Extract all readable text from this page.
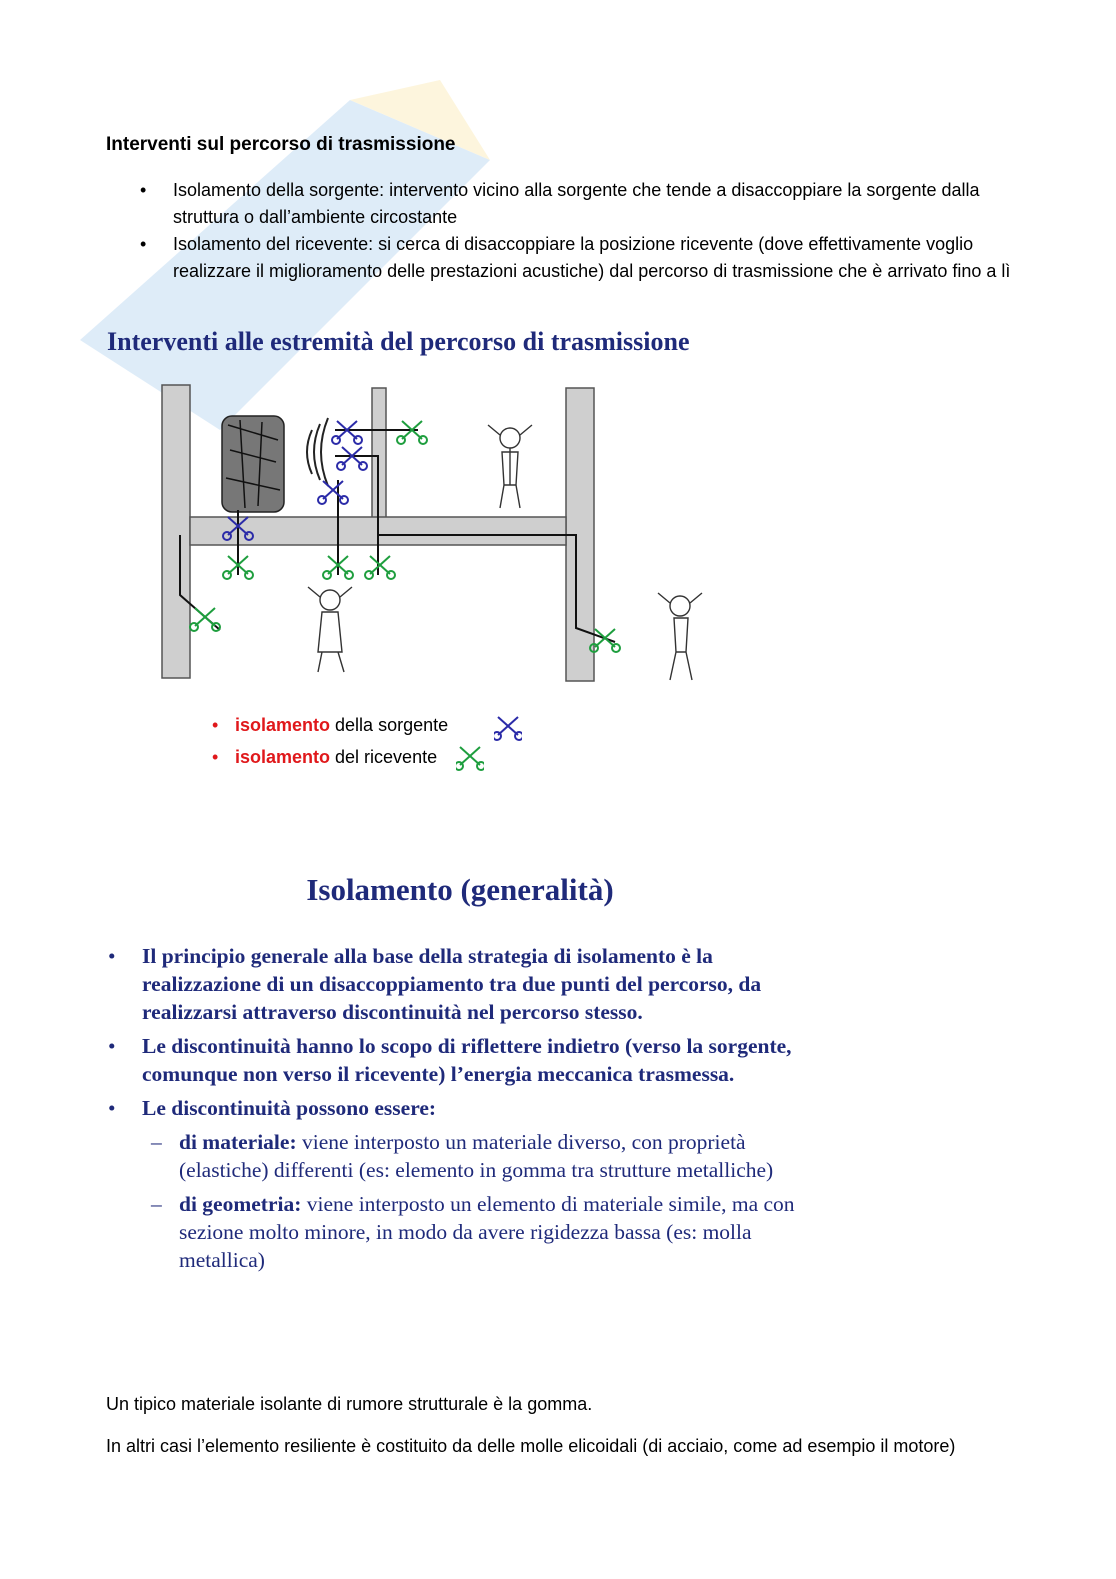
Interventi sul percorso di trasmissione
• Isolamento della sorgente: intervento vicino alla sorgente che tende a disaccoppiare la sorgente dalla struttura o dall’ambiente circostante
• Isolamento del ricevente: si cerca di disaccoppiare la posizione ricevente (dove effettivamente voglio realizzare il miglioramento delle prestazioni acustiche) dal percorso di trasmissione che è arrivato fino a lì
Interventi alle estremità del percorso di trasmissione
• isolamento della sorgente
• isolamento del ricevente
Isolamento (generalità)
• Il principio generale alla base della strategia di isolamento è la realizzazione di un disaccoppiamento tra due punti del percorso, da realizzarsi attraverso discontinuità nel percorso stesso.
• Le discontinuità hanno lo scopo di riflettere indietro (verso la sorgente, comunque non verso il ricevente) l’energia meccanica trasmessa.
• Le discontinuità possono essere:
– di materiale: viene interposto un materiale diverso, con proprietà (elastiche) differenti (es: elemento in gomma tra strutture metalliche)
– di geometria: viene interposto un elemento di materiale simile, ma con sezione molto minore, in modo da avere rigidezza bassa (es: molla metallica)
Un tipico materiale isolante di rumore strutturale è la gomma.
In altri casi l’elemento resiliente è costituito da delle molle elicoidali (di acciaio, come ad esempio il motore)
